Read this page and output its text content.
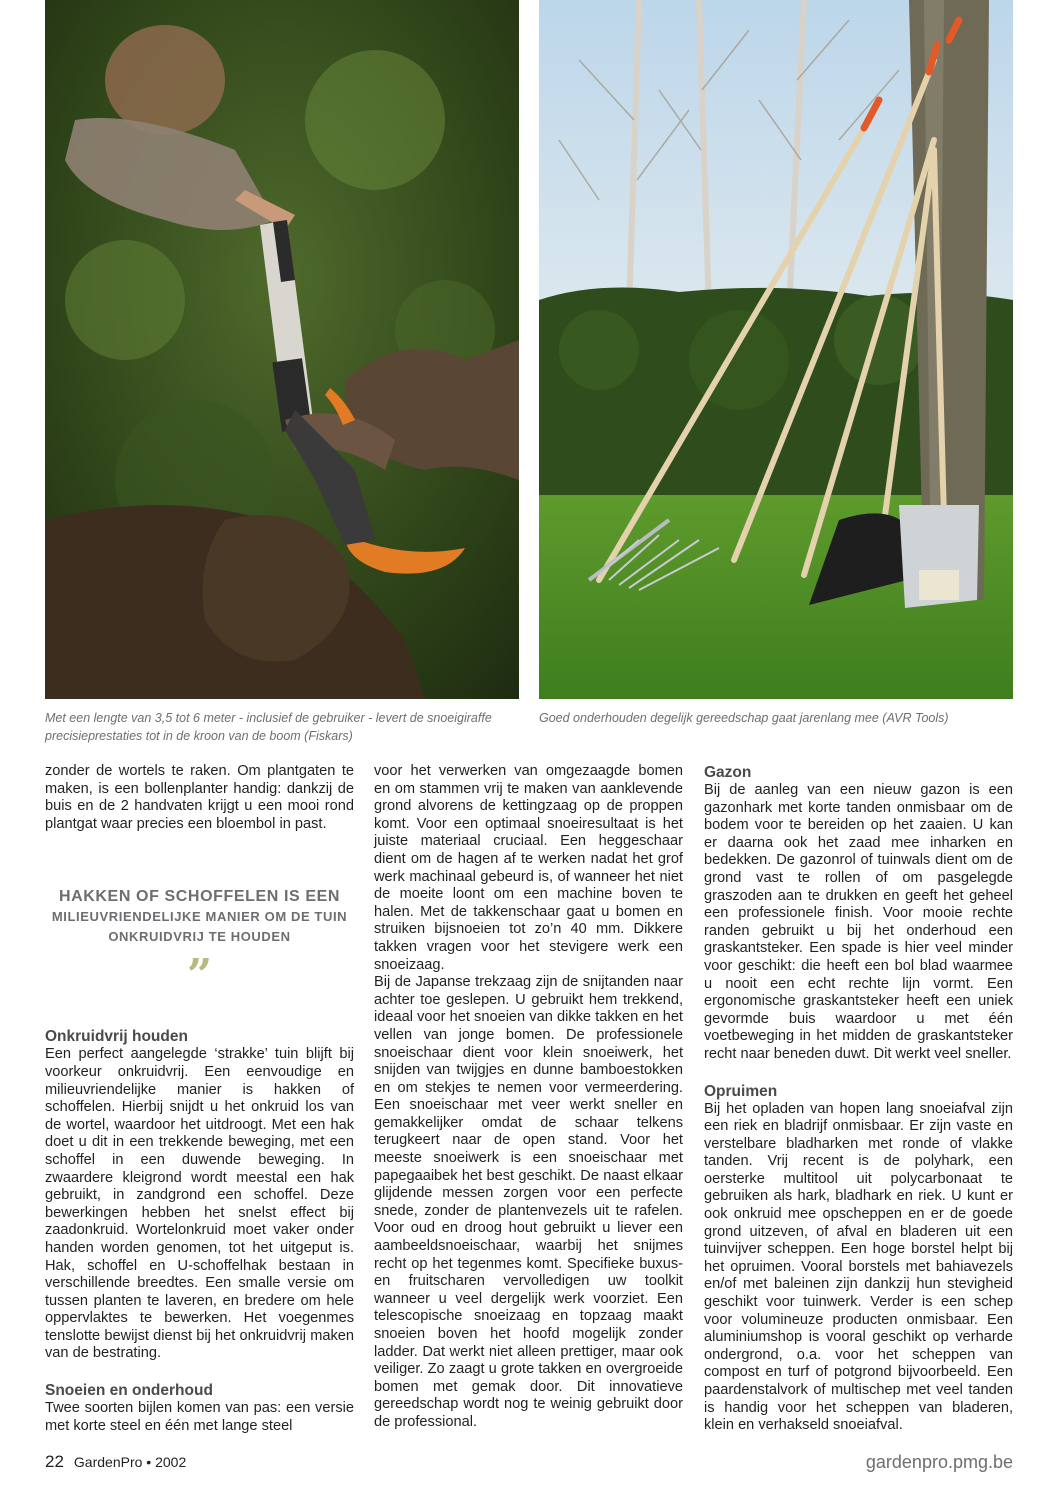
Met een lengte van 3,5 tot 6 meter - inclusief de gebruiker - levert de snoeigiraffe precisieprestaties tot in de kroon van de boom (Fiskars)
Goed onderhouden degelijk gereedschap gaat jarenlang mee (AVR Tools)

zonder de wortels te raken. Om plantgaten te maken, is een bollenplanter handig: dankzij de buis en de 2 handvaten krijgt u een mooi rond plantgat waar precies een bloembol in past.

HAKKEN OF SCHOFFELEN IS EEN
MILIEUVRIENDELIJKE MANIER OM DE TUIN ONKRUIDVRIJ TE HOUDEN
”
Onkruidvrij houden

Een perfect aangelegde ‘strakke’ tuin blijft bij voorkeur onkruidvrij. Een eenvoudige en milieuvriendelijke manier is hakken of schoffelen. Hierbij snijdt u het onkruid los van de wortel, waardoor het uitdroogt. Met een hak doet u dit in een trekkende beweging, met een schoffel in een duwende beweging. In zwaardere kleigrond wordt meestal een hak gebruikt, in zandgrond een schoffel. Deze bewerkingen hebben het snelst effect bij zaadonkruid. Wortelonkruid moet vaker onder handen worden genomen, tot het uitgeput is. Hak, schoffel en U-schoffelhak bestaan in verschillende breedtes. Een smalle versie om tussen planten te laveren, en bredere om hele oppervlaktes te bewerken. Het voegenmes tenslotte bewijst dienst bij het onkruidvrij maken van de bestrating.

Snoeien en onderhoud

Twee soorten bijlen komen van pas: een versie met korte steel en één met lange steel

voor het verwerken van omgezaagde bomen en om stammen vrij te maken van aanklevende grond alvorens de kettingzaag op de proppen komt. Voor een optimaal snoeiresultaat is het juiste materiaal cruciaal. Een heggeschaar dient om de hagen af te werken nadat het grof werk machinaal gebeurd is, of wanneer het niet de moeite loont om een machine boven te halen. Met de takkenschaar gaat u bomen en struiken bijsnoeien tot zo’n 40 mm. Dikkere takken vragen voor het stevigere werk een snoeizaag.

Bij de Japanse trekzaag zijn de snijtanden naar achter toe geslepen. U gebruikt hem trekkend, ideaal voor het snoeien van dikke takken en het vellen van jonge bomen. De professionele snoeischaar dient voor klein snoeiwerk, het snijden van twijgjes en dunne bamboestokken en om stekjes te nemen voor vermeerdering. Een snoeischaar met veer werkt sneller en gemakkelijker omdat de schaar telkens terugkeert naar de open stand. Voor het meeste snoeiwerk is een snoeischaar met papegaaibek het best geschikt. De naast elkaar glijdende messen zorgen voor een perfecte snede, zonder de plantenvezels uit te rafelen. Voor oud en droog hout gebruikt u liever een aambeeldsnoeischaar, waarbij het snijmes recht op het tegenmes komt. Specifieke buxus- en fruitscharen vervolledigen uw toolkit wanneer u veel dergelijk werk voorziet. Een telescopische snoeizaag en topzaag maakt snoeien boven het hoofd mogelijk zonder ladder. Dat werkt niet alleen prettiger, maar ook veiliger. Zo zaagt u grote takken en overgroeide bomen met gemak door. Dit innovatieve gereedschap wordt nog te weinig gebruikt door de professional.

Gazon

Bij de aanleg van een nieuw gazon is een gazonhark met korte tanden onmisbaar om de bodem voor te bereiden op het zaaien. U kan er daarna ook het zaad mee inharken en bedekken. De gazonrol of tuinwals dient om de grond vast te rollen of om pasgelegde graszoden aan te drukken en geeft het geheel een professionele finish. Voor mooie rechte randen gebruikt u bij het onderhoud een graskantsteker. Een spade is hier veel minder voor geschikt: die heeft een bol blad waarmee u nooit een echt rechte lijn vormt. Een ergonomische graskantsteker heeft een uniek gevormde buis waardoor u met één voetbeweging in het midden de graskantsteker recht naar beneden duwt. Dit werkt veel sneller.

Opruimen

Bij het opladen van hopen lang snoeiafval zijn een riek en bladrijf onmisbaar. Er zijn vaste en verstelbare bladharken met ronde of vlakke tanden. Vrij recent is de polyhark, een oersterke multitool uit polycarbonaat te gebruiken als hark, bladhark en riek. U kunt er ook onkruid mee opscheppen en er de goede grond uitzeven, of afval en bladeren uit een tuinvijver scheppen. Een hoge borstel helpt bij het opruimen. Vooral borstels met bahiavezels en/of met baleinen zijn dankzij hun stevigheid geschikt voor tuinwerk. Verder is een schep voor volumineuze producten onmisbaar. Een aluminiumshop is vooral geschikt op verharde ondergrond, o.a. voor het scheppen van compost en turf of potgrond bijvoorbeeld. Een paardenstalvork of multischep met veel tanden is handig voor het scheppen van bladeren, klein en verhakseld snoeiafval.

22 GardenPro • 2002	gardenpro.pmg.be
